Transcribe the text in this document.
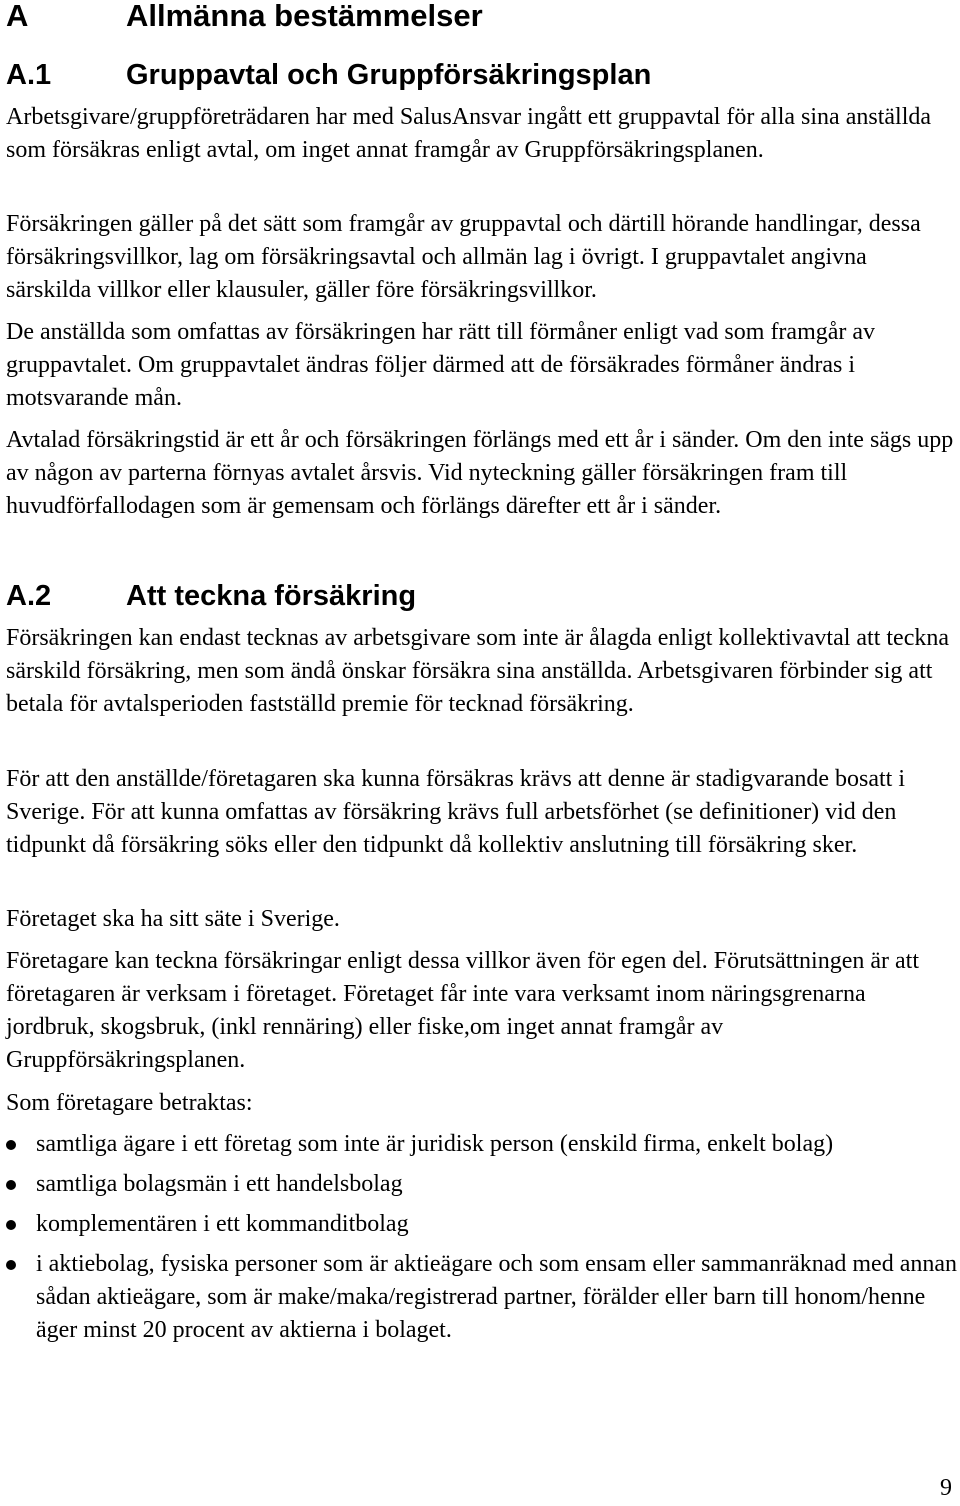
A	Allmänna bestämmelser
A.1	Gruppavtal och Gruppförsäkringsplan

Arbetsgivare/gruppföreträdaren har med SalusAnsvar ingått ett gruppavtal för alla sina anställda som försäkras enligt avtal, om inget annat framgår av Gruppförsäkringsplanen.

Försäkringen gäller på det sätt som framgår av gruppavtal och därtill hörande handlingar, dessa försäkringsvillkor, lag om försäkringsavtal och allmän lag i övrigt. I gruppavtalet angivna särskilda villkor eller klausuler, gäller före försäkringsvillkor.

De anställda som omfattas av försäkringen har rätt till förmåner enligt vad som framgår av gruppavtalet. Om gruppavtalet ändras följer därmed att de försäkrades förmåner ändras i motsvarande mån.

Avtalad försäkringstid är ett år och försäkringen förlängs med ett år i sänder. Om den inte sägs upp av någon av parterna förnyas avtalet årsvis. Vid nyteckning gäller försäkringen fram till huvudförfallodagen som är gemensam och förlängs därefter ett år i sänder.

A.2	Att teckna försäkring

Försäkringen kan endast tecknas av arbetsgivare som inte är ålagda enligt kollektivavtal att teckna särskild försäkring, men som ändå önskar försäkra sina anställda. Arbetsgivaren förbinder sig att betala för avtalsperioden fastställd premie för tecknad försäkring.

För att den anställde/företagaren ska kunna försäkras krävs att denne är stadigvarande bosatt i Sverige. För att kunna omfattas av försäkring krävs full arbetsförhet (se definitioner) vid den tidpunkt då försäkring söks eller den tidpunkt då kollektiv anslutning till försäkring sker.

Företaget ska ha sitt säte i Sverige.

Företagare kan teckna försäkringar enligt dessa villkor även för egen del. Förutsättningen är att företagaren är verksam i företaget. Företaget får inte vara verksamt inom näringsgrenarna jordbruk, skogsbruk, (inkl rennäring) eller fiske,om inget annat framgår av Gruppförsäkringsplanen.

Som företagare betraktas:

samtliga ägare i ett företag som inte är juridisk person (enskild firma, enkelt bolag)
samtliga bolagsmän i ett handelsbolag
komplementären i ett kommanditbolag
i aktiebolag, fysiska personer som är aktieägare och som ensam eller sammanräknad med annan sådan aktieägare, som är make/maka/registrerad partner, förälder eller barn till honom/henne äger minst 20 procent av aktierna i bolaget.
9
